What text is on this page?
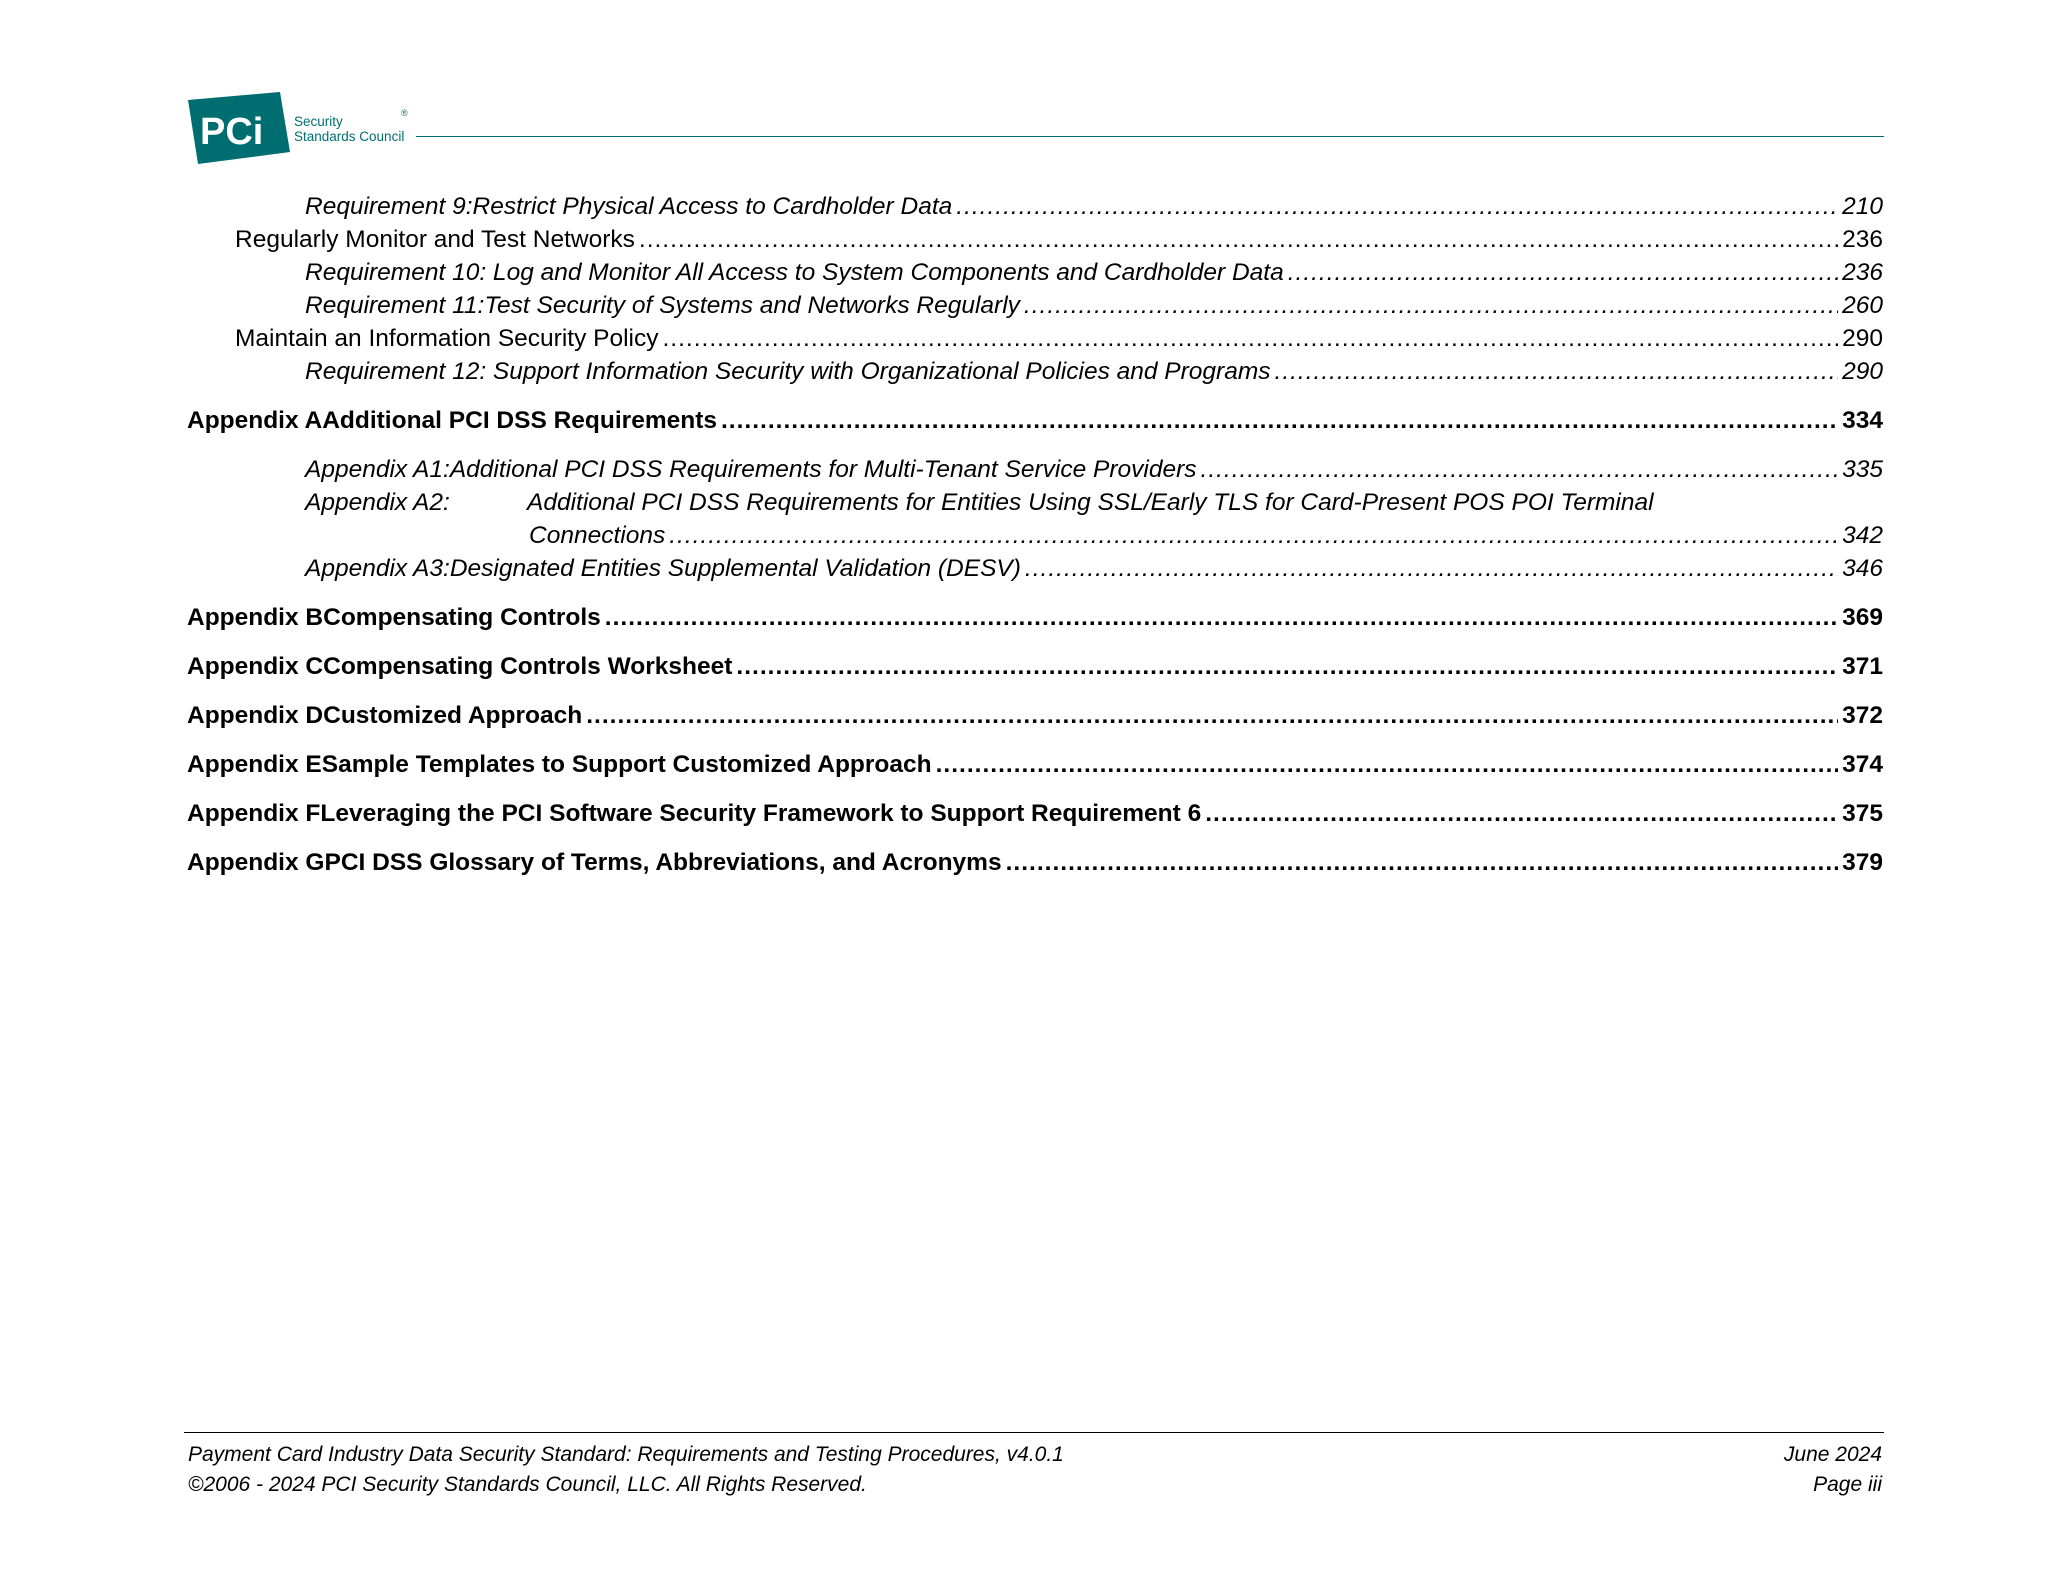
PCi Security
Standards Council
®
Requirement 9: Restrict Physical Access to Cardholder Data .....	210
Regularly Monitor and Test Networks .....	236
Requirement 10: Log and Monitor All Access to System Components and Cardholder Data .....	236
Requirement 11: Test Security of Systems and Networks Regularly .....	260
Maintain an Information Security Policy .....	290
Requirement 12: Support Information Security with Organizational Policies and Programs .....	290
Appendix A Additional PCI DSS Requirements .....	334
Appendix A1: Additional PCI DSS Requirements for Multi-Tenant Service Providers .....	335
Appendix A2:	Additional PCI DSS Requirements for Entities Using SSL/Early TLS for Card-Present POS POI Terminal
Connections .....	342
Appendix A3: Designated Entities Supplemental Validation (DESV) .....	346
Appendix B Compensating Controls .....	369
Appendix C Compensating Controls Worksheet .....	371
Appendix D Customized Approach .....	372
Appendix E Sample Templates to Support Customized Approach .....	374
Appendix F Leveraging the PCI Software Security Framework to Support Requirement 6 .....	375
Appendix G PCI DSS Glossary of Terms, Abbreviations, and Acronyms .....	379
Payment Card Industry Data Security Standard: Requirements and Testing Procedures, v4.0.1	June 2024
©2006 - 2024 PCI Security Standards Council, LLC. All Rights Reserved.	Page iii
